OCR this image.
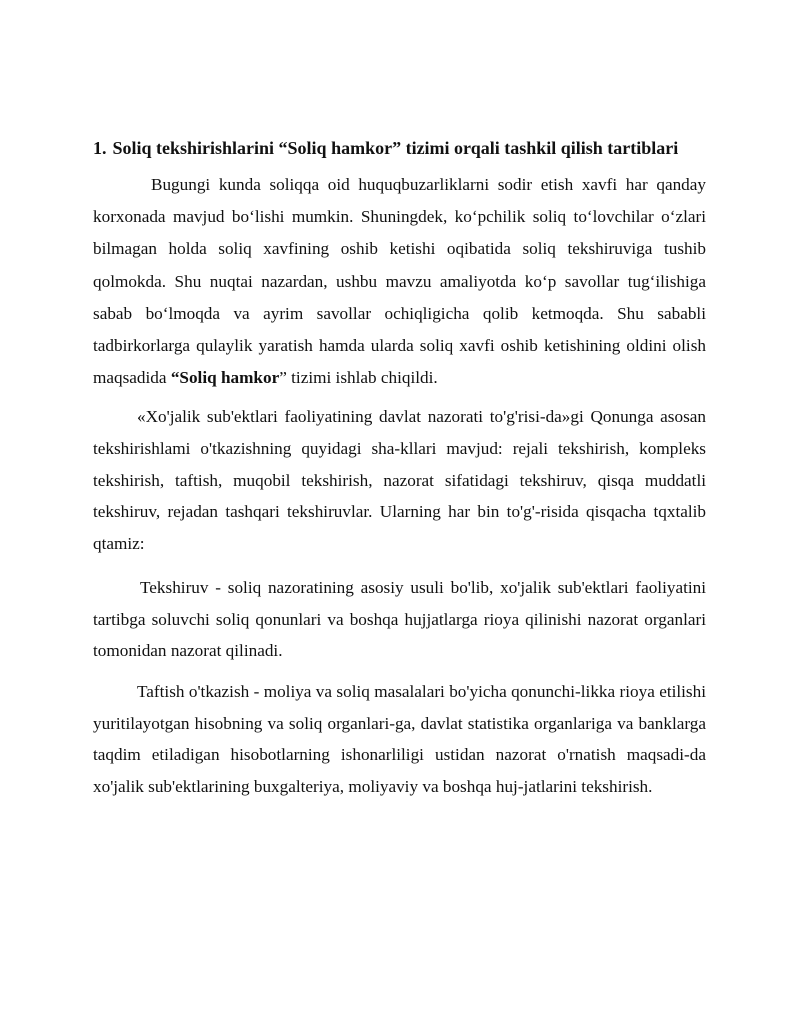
1. Soliq tekshirishlarini “Soliq hamkor” tizimi orqali tashkil qilish tartiblari

Bugungi kunda soliqqa oid huquqbuzarliklarni sodir etish xavfi har qanday korxonada mavjud bo‘lishi mumkin. Shuningdek, ko‘pchilik soliq to‘lovchilar o‘zlari bilmagan holda soliq xavfining oshib ketishi oqibatida soliq tekshiruviga tushib qolmokda. Shu nuqtai nazardan, ushbu mavzu amaliyotda ko‘p savollar tug‘ilishiga sabab bo‘lmoqda va ayrim savollar ochiqligicha qolib ketmoqda. Shu sababli tadbirkorlarga qulaylik yaratish hamda ularda soliq xavfi oshib ketishining oldini olish maqsadida “Soliq hamkor” tizimi ishlab chiqildi.

«Xo'jalik sub'ektlari faoliyatining davlat nazorati to'g'risi-da»gi Qonunga asosan tekshirishlami o'tkazishning quyidagi sha-kllari mavjud: rejali tekshirish, kompleks tekshirish, taftish, muqobil tekshirish, nazorat sifatidagi tekshiruv, qisqa muddatli tekshiruv, rejadan tashqari tekshiruvlar. Ularning har bin to'g'-risida qisqacha tqxtalib qtamiz:

Tekshiruv - soliq nazoratining asosiy usuli bo'lib, xo'jalik sub'ektlari faoliyatini tartibga soluvchi soliq qonunlari va boshqa hujjatlarga rioya qilinishi nazorat organlari tomonidan nazorat qilinadi.

Taftish o'tkazish - moliya va soliq masalalari bo'yicha qonunchi-likka rioya etilishi yuritilayotgan hisobning va soliq organlari-ga, davlat statistika organlariga va banklarga taqdim etiladigan hisobotlarning ishonarliligi ustidan nazorat o'rnatish maqsadi-da xo'jalik sub'ektlarining buxgalteriya, moliyaviy va boshqa huj-jatlarini tekshirish.
